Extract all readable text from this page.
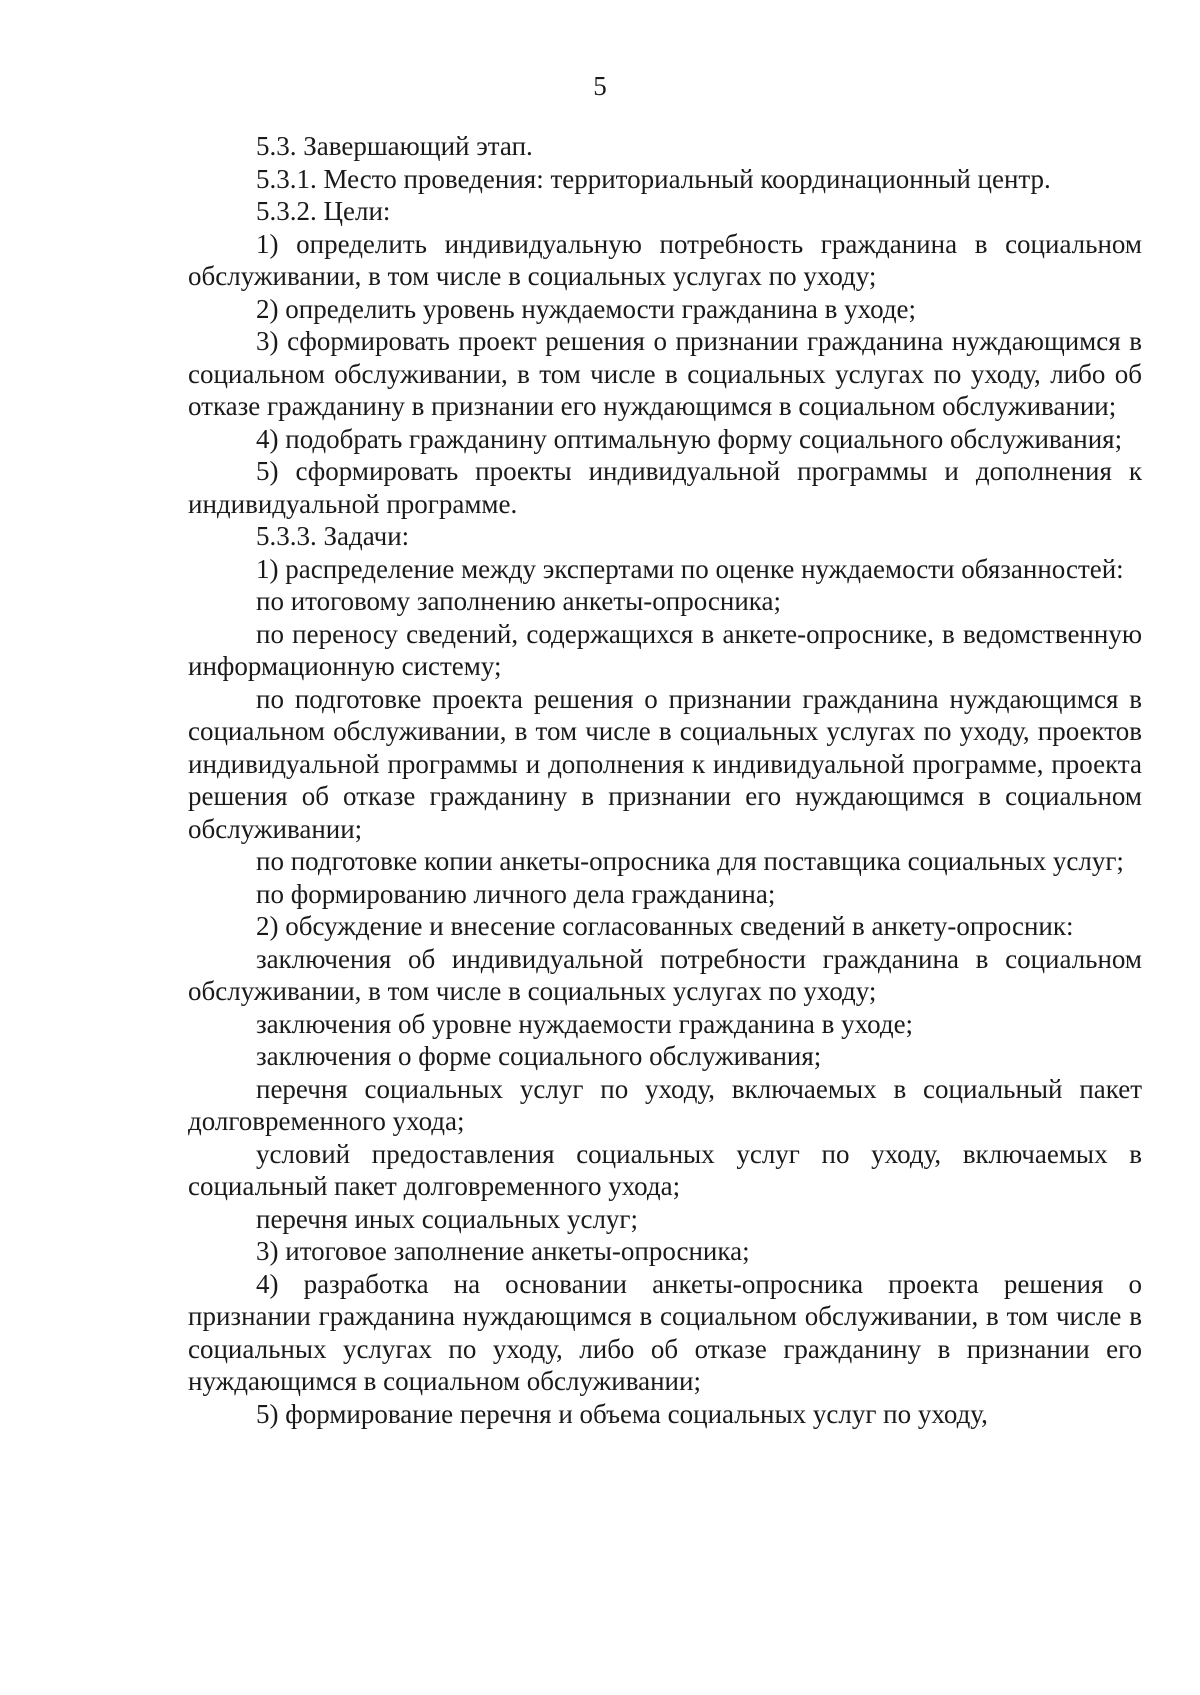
5

5.3. Завершающий этап.

5.3.1. Место проведения: территориальный координационный центр.

5.3.2. Цели:

1) определить индивидуальную потребность гражданина в социальном обслуживании, в том числе в социальных услугах по уходу;

2) определить уровень нуждаемости гражданина в уходе;

3) сформировать проект решения о признании гражданина нуждающимся в социальном обслуживании, в том числе в социальных услугах по уходу, либо об отказе гражданину в признании его нуждающимся в социальном обслуживании;

4) подобрать гражданину оптимальную форму социального обслуживания;

5) сформировать проекты индивидуальной программы и дополнения к индивидуальной программе.

5.3.3. Задачи:

1) распределение между экспертами по оценке нуждаемости обязанностей:

по итоговому заполнению анкеты-опросника;

по переносу сведений, содержащихся в анкете-опроснике, в ведомственную информационную систему;

по подготовке проекта решения о признании гражданина нуждающимся в социальном обслуживании, в том числе в социальных услугах по уходу, проектов индивидуальной программы и дополнения к индивидуальной программе, проекта решения об отказе гражданину в признании его нуждающимся в социальном обслуживании;

по подготовке копии анкеты-опросника для поставщика социальных услуг;

по формированию личного дела гражданина;

2) обсуждение и внесение согласованных сведений в анкету-опросник:

заключения об индивидуальной потребности гражданина в социальном обслуживании, в том числе в социальных услугах по уходу;

заключения об уровне нуждаемости гражданина в уходе;

заключения о форме социального обслуживания;

перечня социальных услуг по уходу, включаемых в социальный пакет долговременного ухода;

условий предоставления социальных услуг по уходу, включаемых в социальный пакет долговременного ухода;

перечня иных социальных услуг;

3) итоговое заполнение анкеты-опросника;

4) разработка на основании анкеты-опросника проекта решения о признании гражданина нуждающимся в социальном обслуживании, в том числе в социальных услугах по уходу, либо об отказе гражданину в признании его нуждающимся в социальном обслуживании;

5) формирование перечня и объема социальных услуг по уходу,
